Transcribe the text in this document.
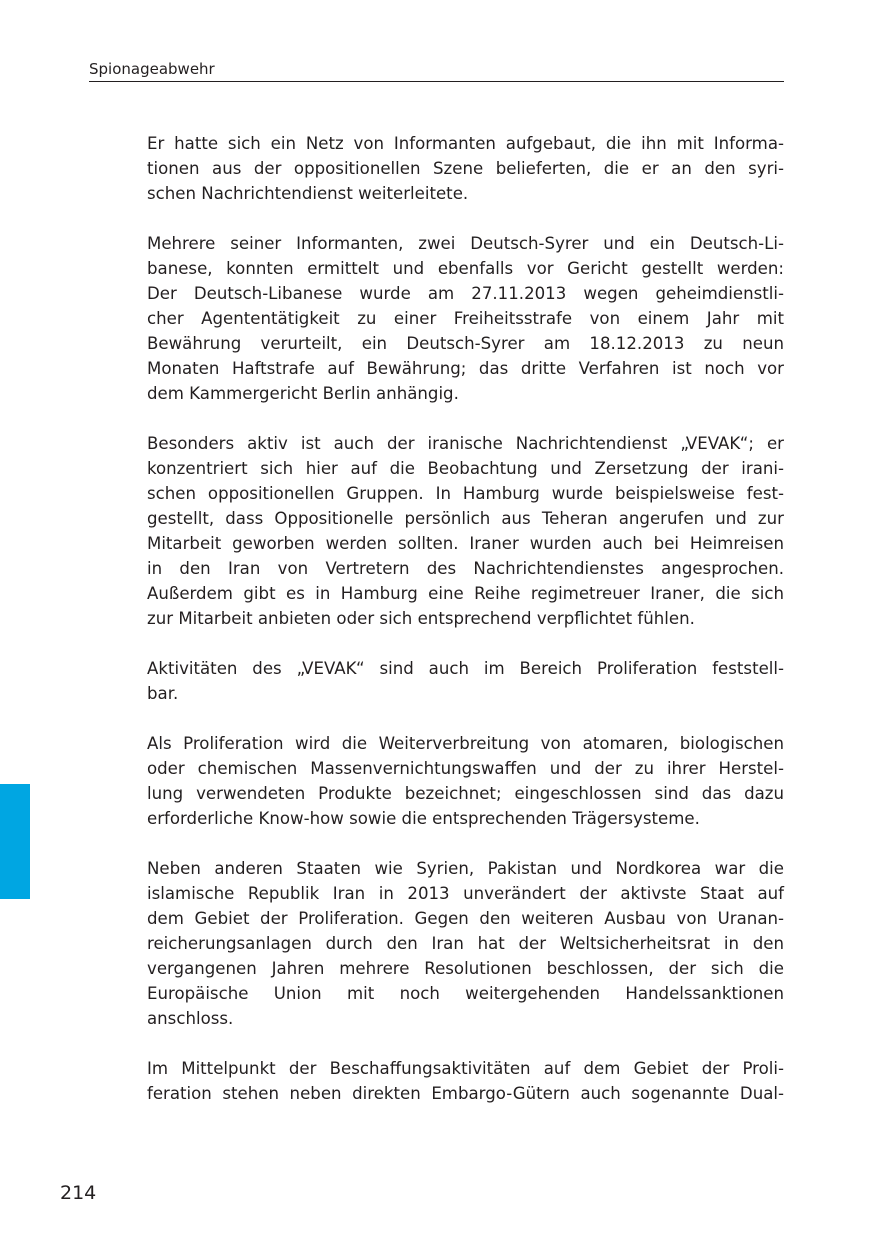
Spionageabwehr

Er hatte sich ein Netz von Informanten aufgebaut, die ihn mit Informa-
tionen aus der oppositionellen Szene belieferten, die er an den syri-
schen Nachrichtendienst weiterleitete.

Mehrere seiner Informanten, zwei Deutsch-Syrer und ein Deutsch-Li-
banese, konnten ermittelt und ebenfalls vor Gericht gestellt werden:
Der Deutsch-Libanese wurde am 27.11.2013 wegen geheimdienstli-
cher Agententätigkeit zu einer Freiheitsstrafe von einem Jahr mit
Bewährung verurteilt, ein Deutsch-Syrer am 18.12.2013 zu neun
Monaten Haftstrafe auf Bewährung; das dritte Verfahren ist noch vor
dem Kammergericht Berlin anhängig.

Besonders aktiv ist auch der iranische Nachrichtendienst „VEVAK“; er
konzentriert sich hier auf die Beobachtung und Zersetzung der irani-
schen oppositionellen Gruppen. In Hamburg wurde beispielsweise fest-
gestellt, dass Oppositionelle persönlich aus Teheran angerufen und zur
Mitarbeit geworben werden sollten. Iraner wurden auch bei Heimreisen
in den Iran von Vertretern des Nachrichtendienstes angesprochen.
Außerdem gibt es in Hamburg eine Reihe regimetreuer Iraner, die sich
zur Mitarbeit anbieten oder sich entsprechend verpflichtet fühlen.

Aktivitäten des „VEVAK“ sind auch im Bereich Proliferation feststell-
bar.

Als Proliferation wird die Weiterverbreitung von atomaren, biologischen
oder chemischen Massenvernichtungswaffen und der zu ihrer Herstel-
lung verwendeten Produkte bezeichnet; eingeschlossen sind das dazu
erforderliche Know-how sowie die entsprechenden Trägersysteme.

Neben anderen Staaten wie Syrien, Pakistan und Nordkorea war die
islamische Republik Iran in 2013 unverändert der aktivste Staat auf
dem Gebiet der Proliferation. Gegen den weiteren Ausbau von Uranan-
reicherungsanlagen durch den Iran hat der Weltsicherheitsrat in den
vergangenen Jahren mehrere Resolutionen beschlossen, der sich die
Europäische Union mit noch weitergehenden Handelssanktionen
anschloss.

Im Mittelpunkt der Beschaffungsaktivitäten auf dem Gebiet der Proli-
feration stehen neben direkten Embargo-Gütern auch sogenannte Dual-

214
